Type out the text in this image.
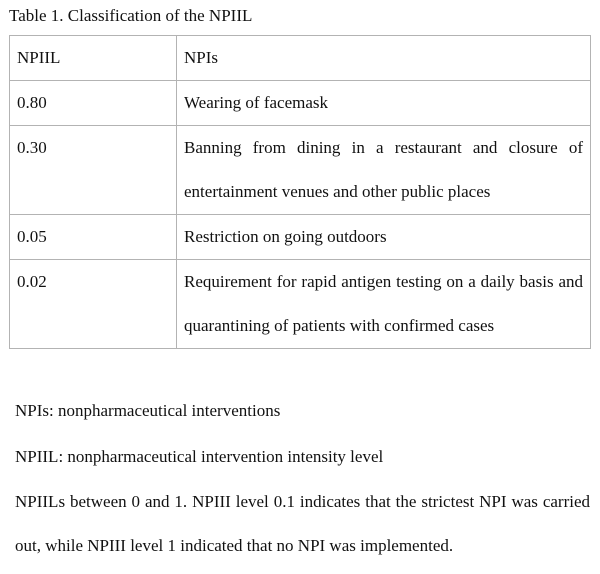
Table 1. Classification of the NPIIL
NPIIL	NPIs

0.80	Wearing of facemask

0.30	Banning from dining in a restaurant and closure of entertainment venues and other public places

0.05	Restriction on going outdoors

0.02	Requirement for rapid antigen testing on a daily basis and quarantining of patients with confirmed cases
NPIs: nonpharmaceutical interventions
NPIIL: nonpharmaceutical intervention intensity level
NPIILs between 0 and 1. NPIII level 0.1 indicates that the strictest NPI was carried out, while NPIII level 1 indicated that no NPI was implemented.
